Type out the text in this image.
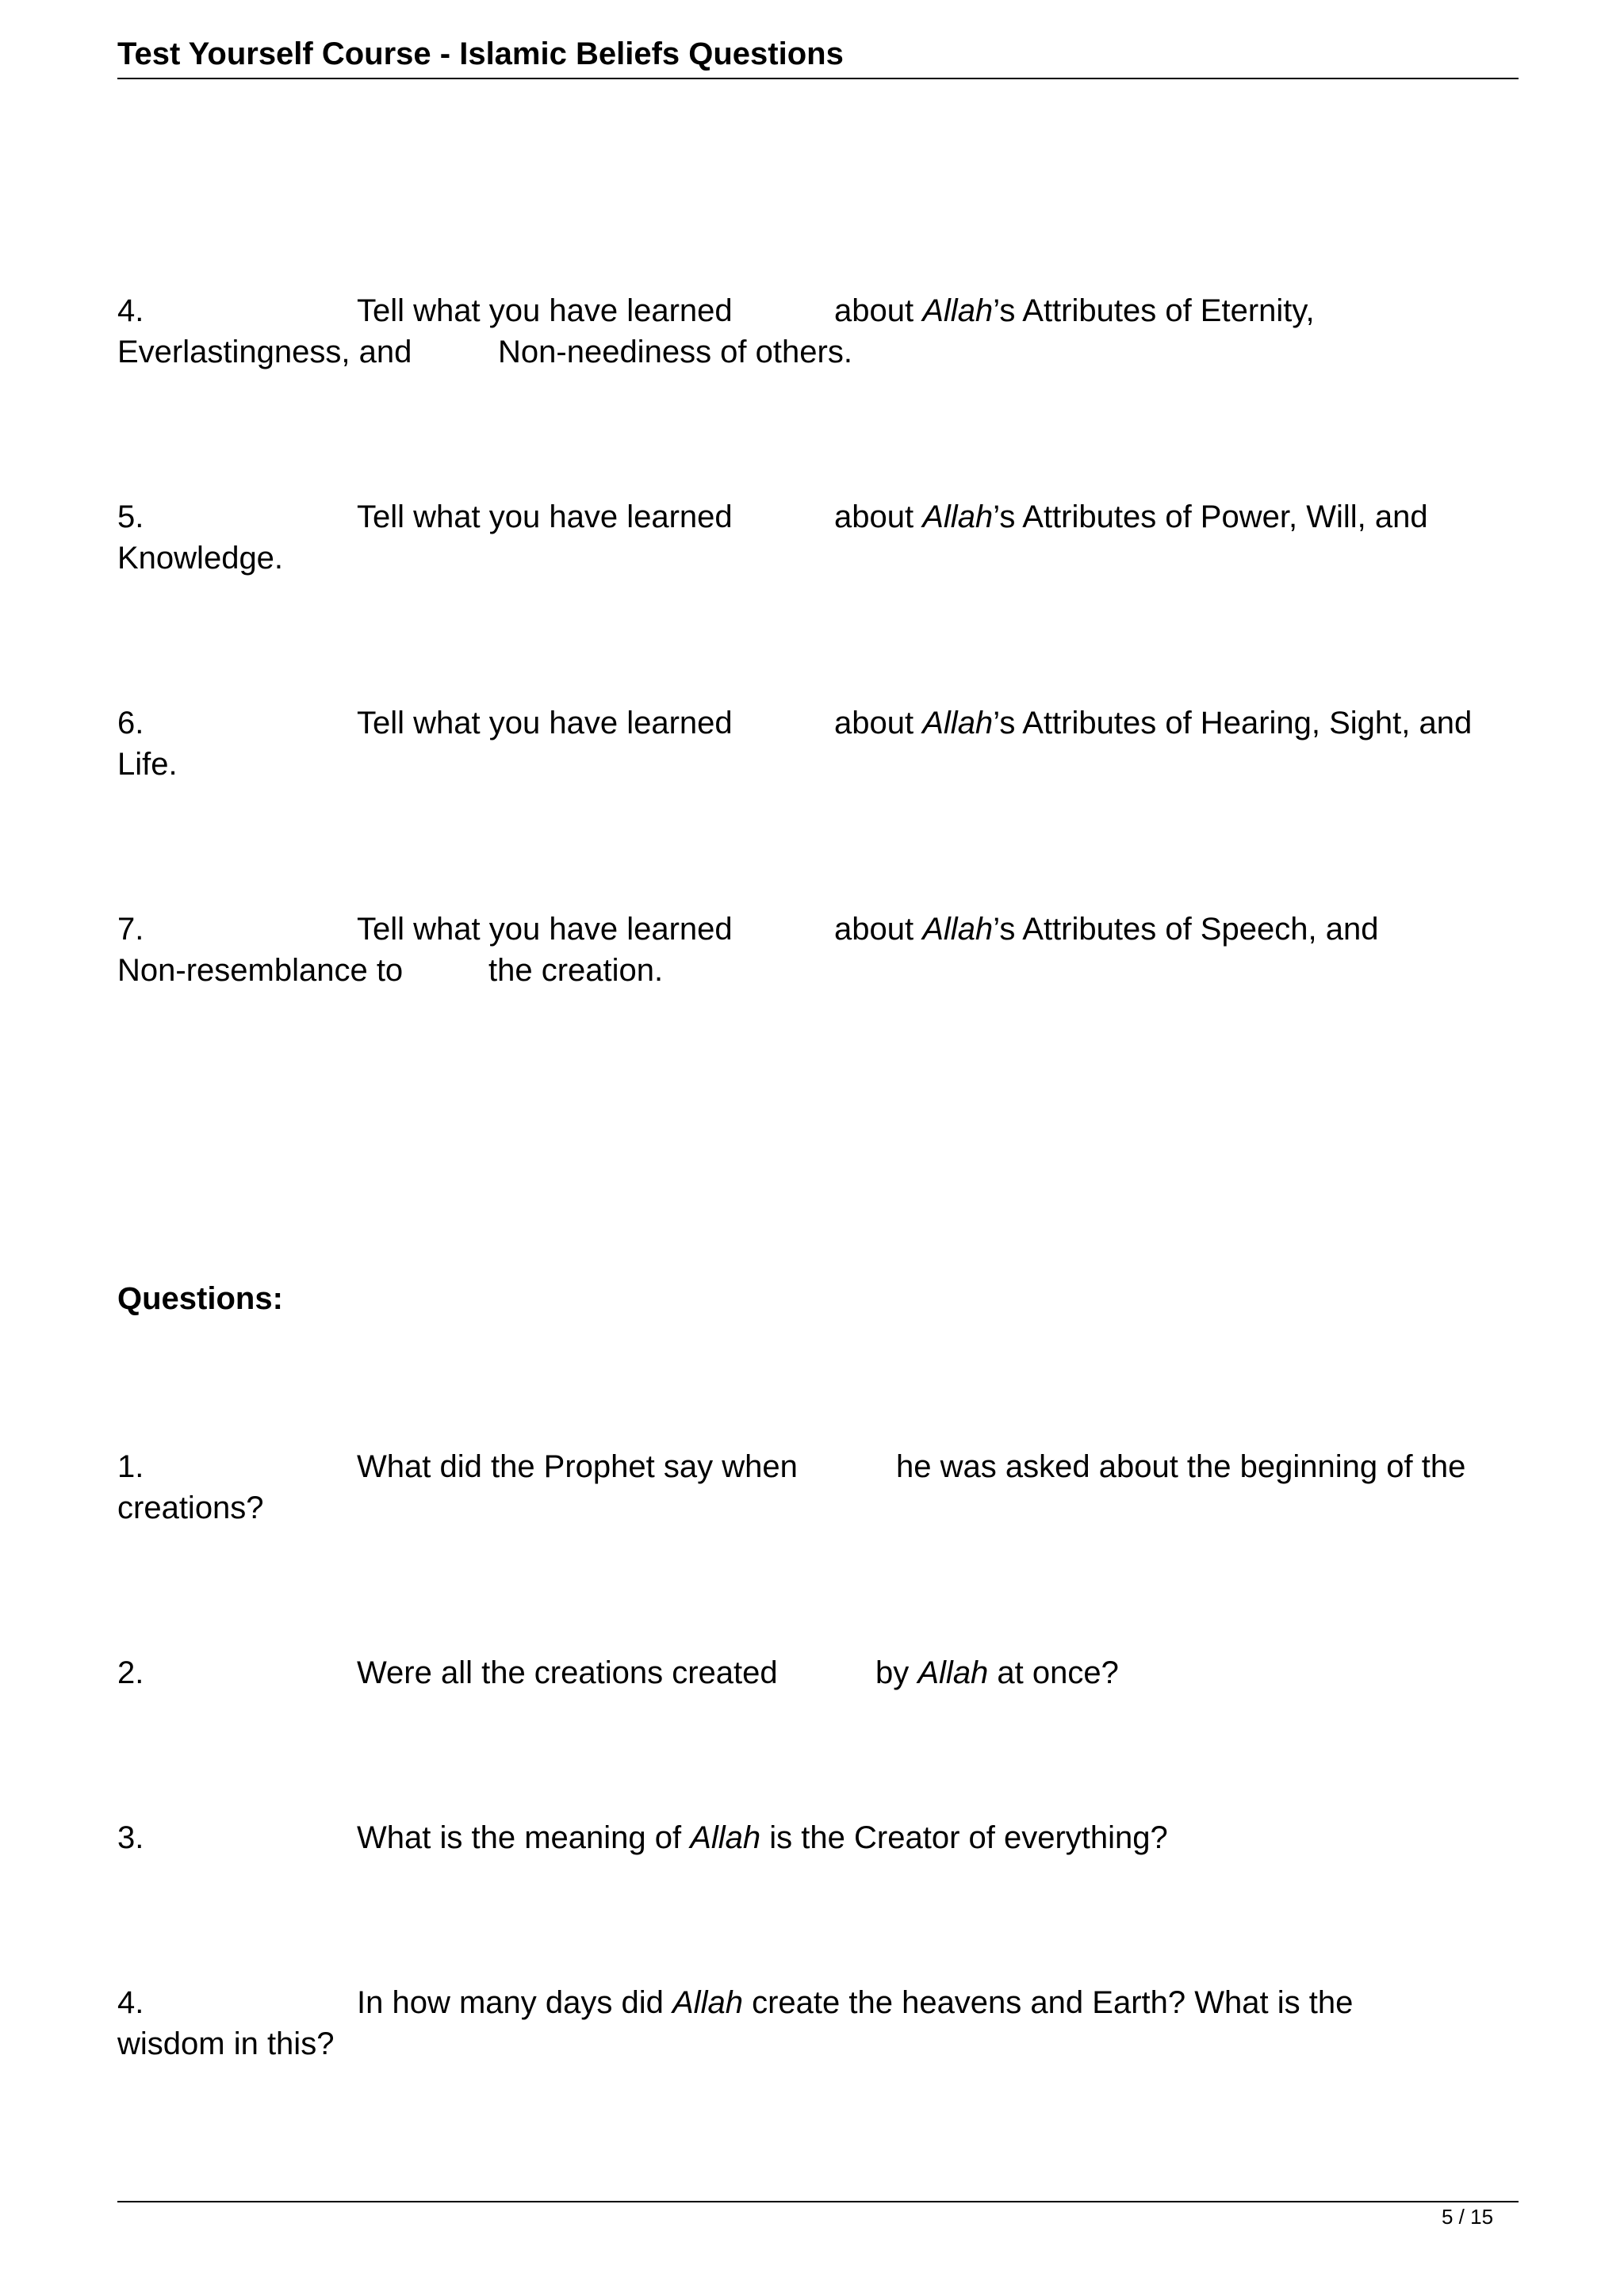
Test Yourself Course - Islamic Beliefs Questions
4.	Tell what you have learned	about Allah’s Attributes of Eternity,
Everlastingness, and	Non-neediness of others.
5.	Tell what you have learned	about Allah’s Attributes of Power, Will, and
Knowledge.
6.	Tell what you have learned	about Allah’s Attributes of Hearing, Sight, and
Life.
7.	Tell what you have learned	about Allah’s Attributes of Speech, and
Non-resemblance to	the creation.
Questions:
1.	What did the Prophet say when	he was asked about the beginning of the
creations?
2.	Were all the creations created	by Allah at once?
3.	What is the meaning of Allah is the Creator of everything?
4.	In how many days did Allah create the heavens and Earth? What is the
wisdom in this?
5 / 15
